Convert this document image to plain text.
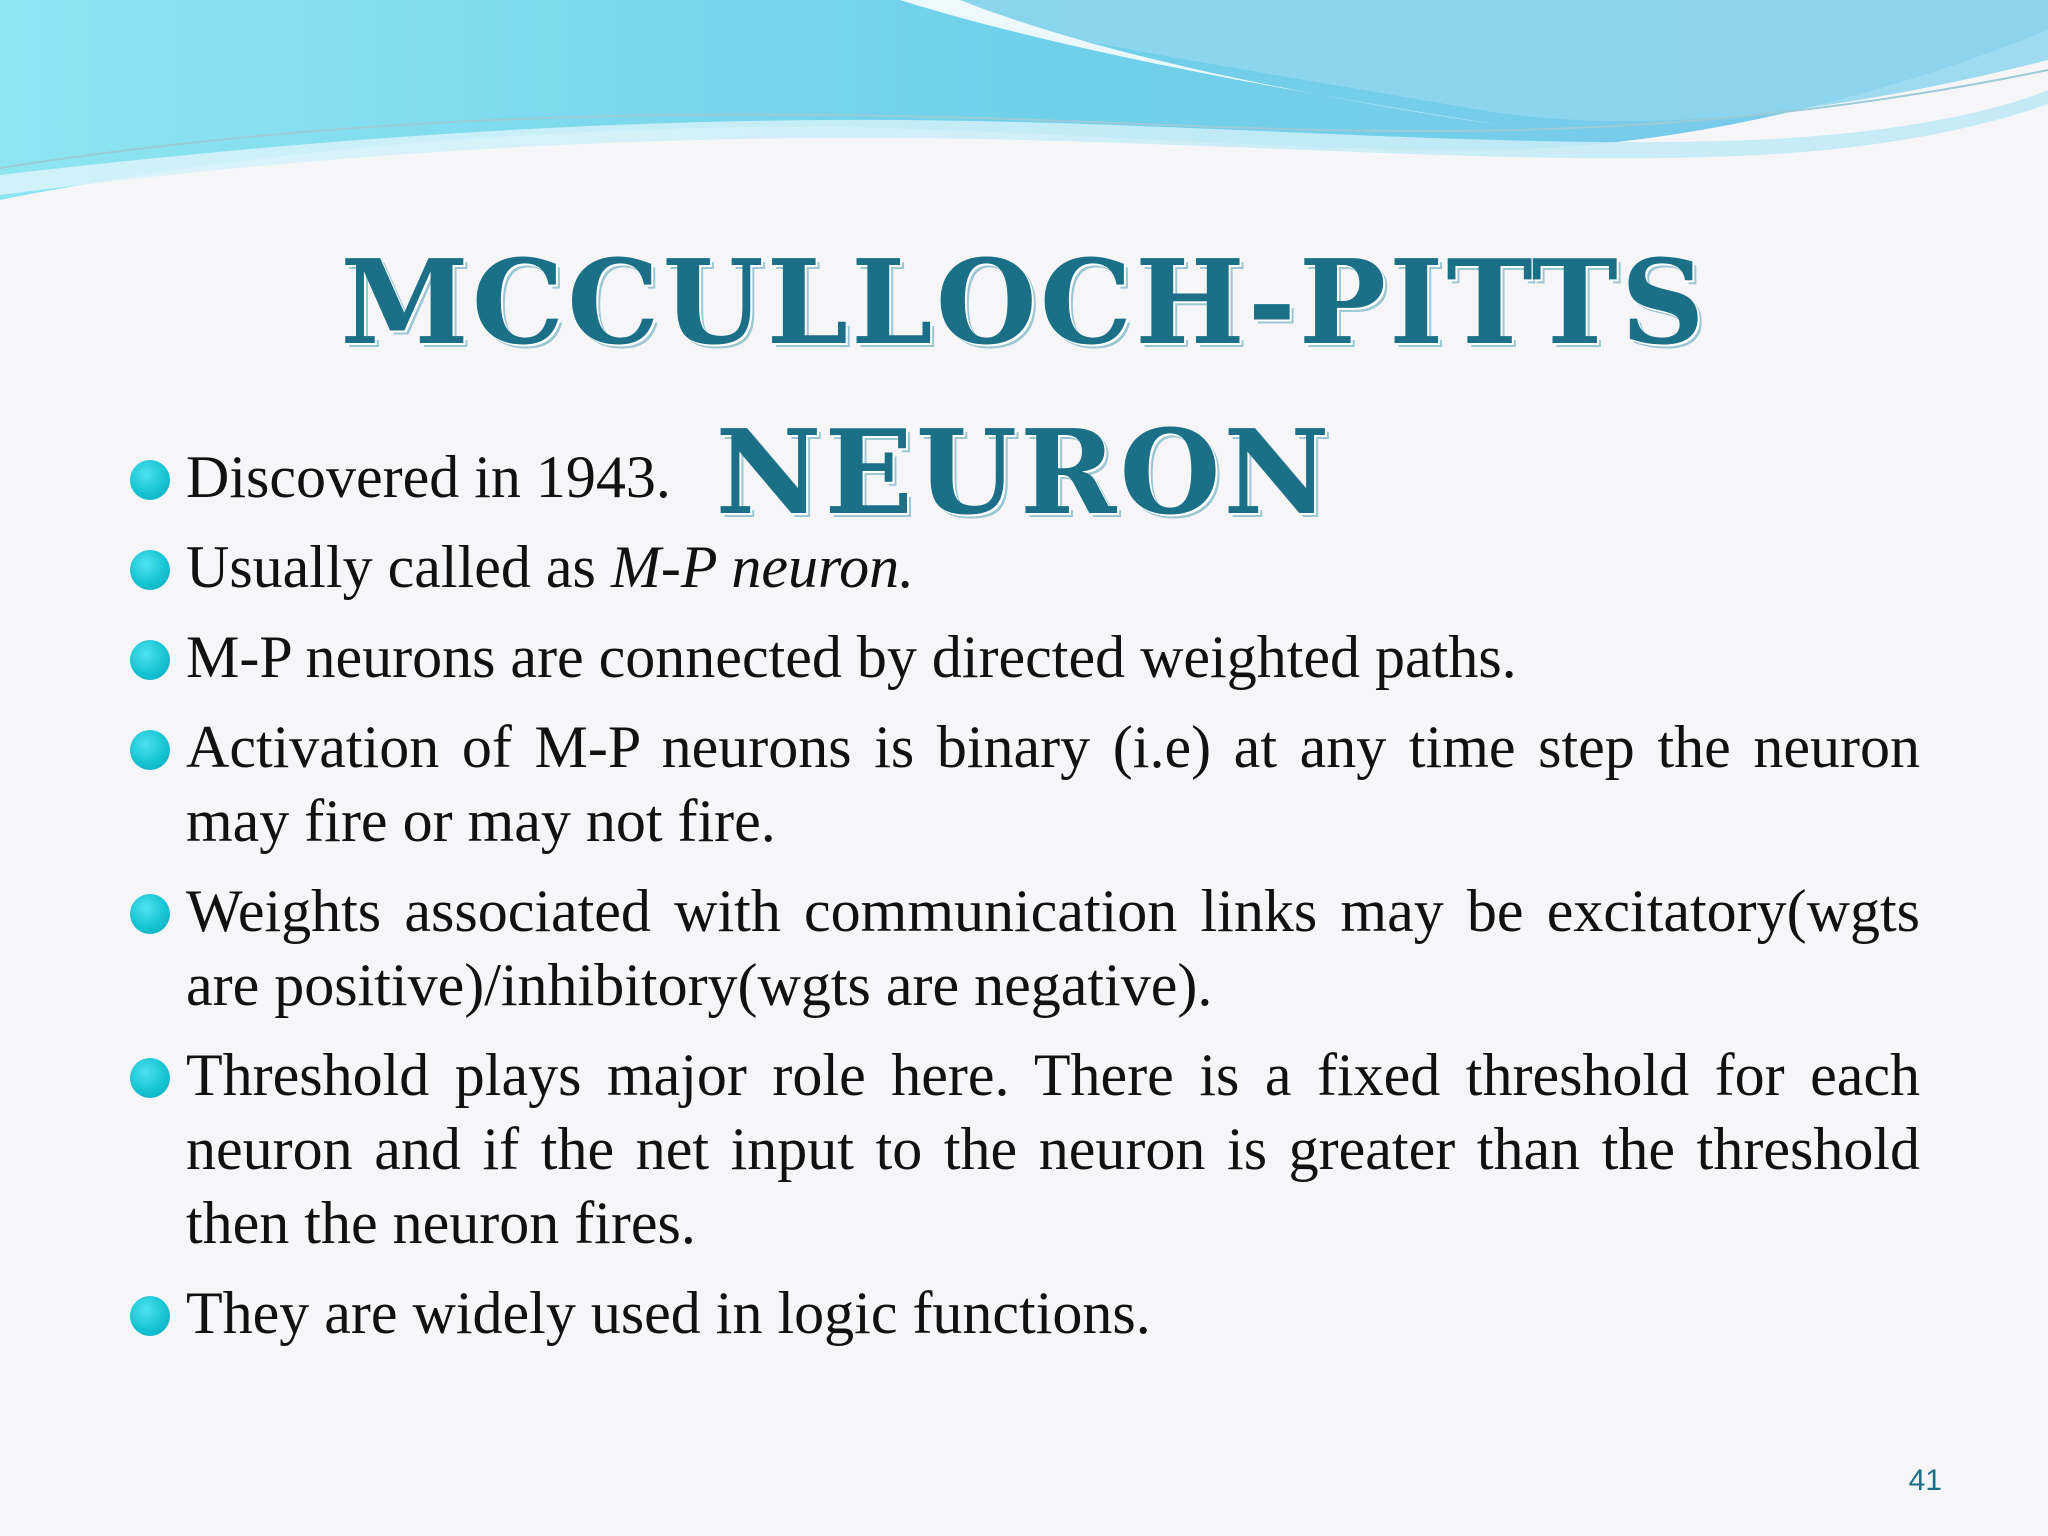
MCCULLOCH-PITTS NEURON
Discovered in 1943.
Usually called as M-P neuron.
M-P neurons are connected by directed weighted paths.
Activation of M-P neurons is binary (i.e) at any time step the neuron may fire or may not fire.
Weights associated with communication links may be excitatory(wgts are positive)/inhibitory(wgts are negative).
Threshold plays major role here. There is a fixed threshold for each neuron and if the net input to the neuron is greater than the threshold then the neuron fires.
They are widely used in logic functions.
41
